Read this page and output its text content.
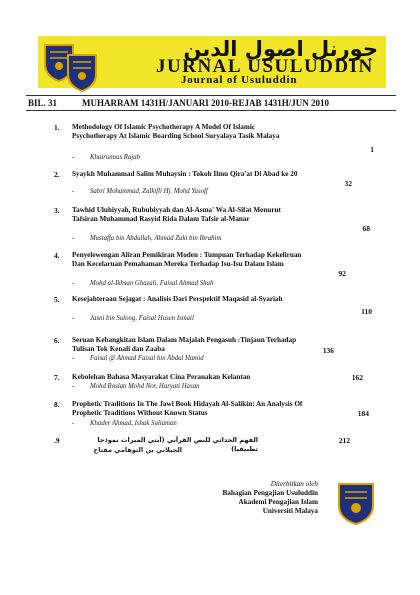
جورنل اصول الدين
JURNAL USULUDDIN
Journal of Usuluddin
BIL. 31	MUHARRAM 1431H/JANUARI 2010-REJAB 1431H/JUN 2010
1. Methodology Of Islamic Psychotherapy A Model Of Islamic Psychotherapy At Islamic Boarding School Suryalaya Tasik Malaya
- Khairunnas Rajab
1
2. Syaykh Muhammad Salim Muhaysin : Tokoh Ilmu Qira'at Di Abad ke 20
- Sabri Mohammad, Zulkifli Hj. Mohd Yusoff
32
3. Tawhid Uluhiyyah, Rububiyyah dan Al-Asma' Wa Al-Sifat Menurut Tafsiran Muhammad Rasyid Rida Dalam Tafsir al-Manar
- Mustaffa bin Abdullah, Ahmad Zaki bin Ibrahim
68
4. Penyelewengan Aliran Pemikiran Moden : Tumpuan Terhadap Kekeliruan Dan Kecelaruan Pemahaman Mereka Terhadap Isu-Isu Dalam Islam
- Mohd al-Ikhsan Ghazali, Faisal Ahmad Shah
92
5. Kesejahteraan Sejagat : Analisis Dari Perspektif Maqasid al-Syariah
- Jasni bin Sulong, Faisal Husen Ismail
110
6. Seruan Kebangkitan Islam Dalam Majalah Pengasuh :Tinjaun Terhadap Tulisan Tok Kenali dan Zaaba
- Faisal @ Ahmad Faisal bin Abdul Hamid
136
7. Kebolehan Bahasa Masyarakat Cina Peranakan Kelantan
- Mohd Roslan Mohd Nor, Haryati Hasan
162
8. Prophetic Traditions In The Jawi Book Hidayah Al-Salikin: An Analysis Of Prophetic Traditions Without Known Status
- Khader Ahmad, Ishak Suliaman
184
.9	الفهم الحداثي للنص القرآني (آيتي الميراث نموذجا تطبيقيا)
الجيلاني بن التوهامي مفتاح
212
Diterbitkan oleh
Bahagian Pengajian Usuluddin
Akademi Pengajian Islam
Universiti Malaya
